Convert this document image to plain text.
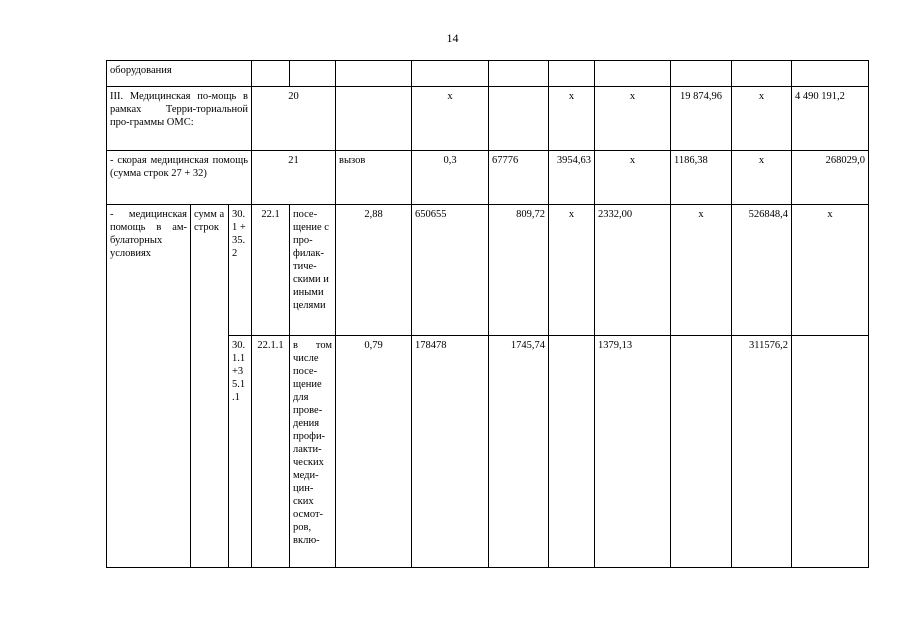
14
оборудования													
III. Медицинская по-мощь в рамках Терри-ториальной про-граммы ОМС:			20			x		x	x	19 874,96	x	4 490 191,2	
- скорая медицинская помощь (сумма строк 27 + 32)			21		вызов	0,3	67776	3954,63	x	1186,38	x	268029,0	
- медицинская помощь в ам-булаторных условиях	сумм а строк	30. 1 + 35. 2	22.1	посе-щение с про-филак-тиче-скими и иными целями	2,88	650655	809,72	x	2332,00	x	526848,4	x	
		30. 1.1 +3 5.1 .1	22.1.1	в том числе посе-щение для прове-дения профи-лакти-ческих меди-цин-ских осмот-ров, вклю-	0,79	178478	1745,74		1379,13		311576,2		
